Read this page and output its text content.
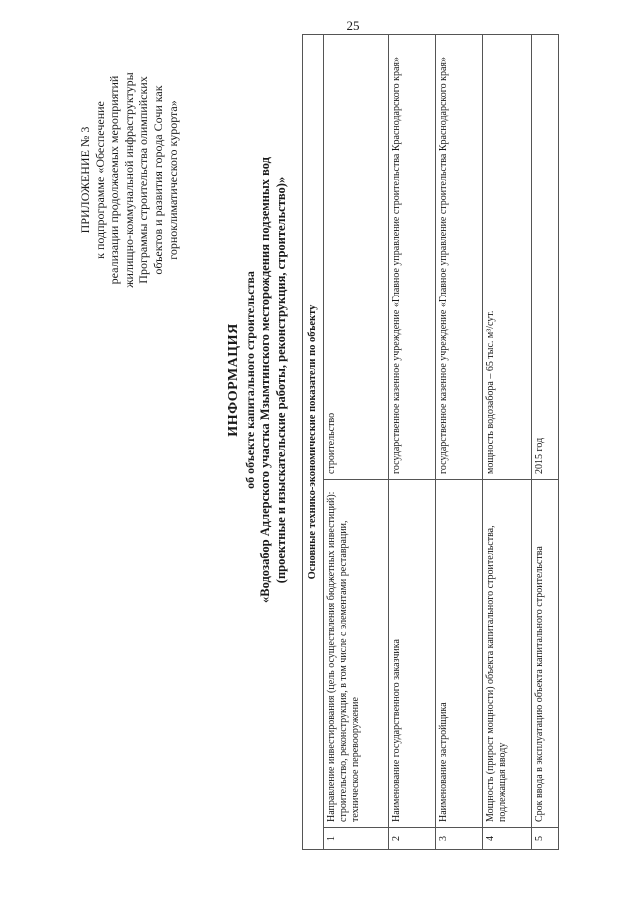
25
ПРИЛОЖЕНИЕ № 3 к подпрограмме «Обеспечение реализации продолжаемых мероприятий жилищно-коммунальной инфраструктуры Программы строительства олимпийских объектов и развития города Сочи как горноклиматического курорта»
ИНФОРМАЦИЯ об объекте капитального строительства «Водозабор Адлерского участка Мзымтинского месторождения подземных вод (проектные и изыскательские работы, реконструкция, строительство)» Основные технико-экономические показатели по объекту		
1	Направление инвестирования (цель осуществления бюджетных инвестиций): строительство, реконструкция, в том числе с элементами реставрации, техническое перевооружение	строительство
2	Наименование государственного заказчика	государственное казенное учреждение «Главное управление строительства Краснодарского края»
3	Наименование застройщика	государственное казенное учреждение «Главное управление строительства Краснодарского края»
4	Мощность (прирост мощности) объекта капитального строительства, подлежащая вводу	мощность водозабора – 65 тыс. м³/сут.
5	Срок ввода в эксплуатацию объекта капитального строительства	2015 год
